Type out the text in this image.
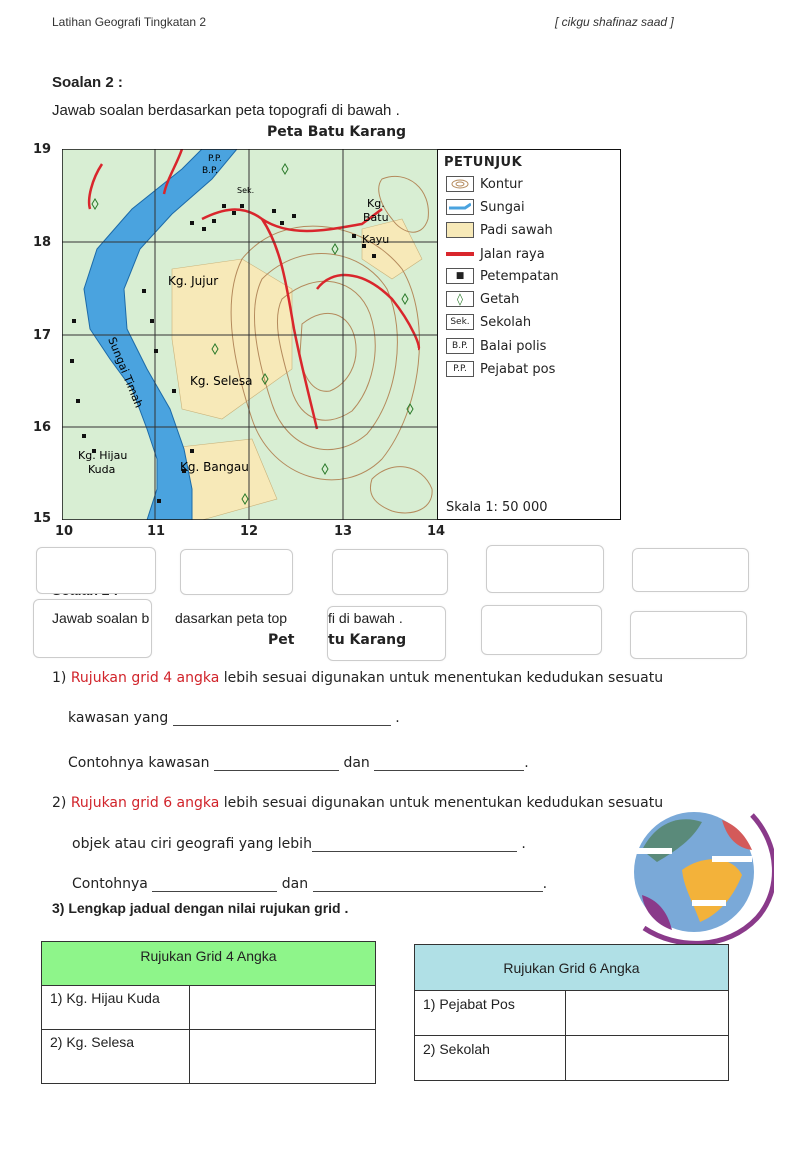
Latihan Geografi Tingkatan 2	[ cikgu shafinaz saad ]
Soalan 2 :
Jawab soalan berdasarkan peta topografi di bawah .
Peta Batu Karang
19
18
17
16
15
10	11	12	13	14
P.P.
B.P.
Sek.
Kg.
Batu
Kayu
Kg. Jujur
Kg. Selesa
Kg. Bangau
Kg. Hijau
Kuda
Sungai Timah
PETUNJUK
Kontur
Sungai
Padi sawah
Jalan raya
■	Petempatan
◊	Getah
Sek. Sekolah
B.P. Balai polis
P.P.	Pejabat pos
Skala 1: 50 000
Jawab soalan b dasarkan peta top	fi di bawah .
Pet tu Karang
1) Rujukan grid 4 angka lebih sesuai digunakan untuk menentukan kedudukan sesuatu
kawasan yang	.
Contohnya kawasan	dan	.
2) Rujukan grid 6 angka lebih sesuai digunakan untuk menentukan kedudukan sesuatu
objek atau ciri geografi yang lebih	.
Contohnya	dan	.
3) Lengkap jadual dengan nilai rujukan grid .
Rujukan Grid 4 Angka	
1) Kg. Hijau Kuda	
2) Kg. Selesa	
Rujukan Grid 6 Angka	
1) Pejabat Pos	
2) Sekolah	
